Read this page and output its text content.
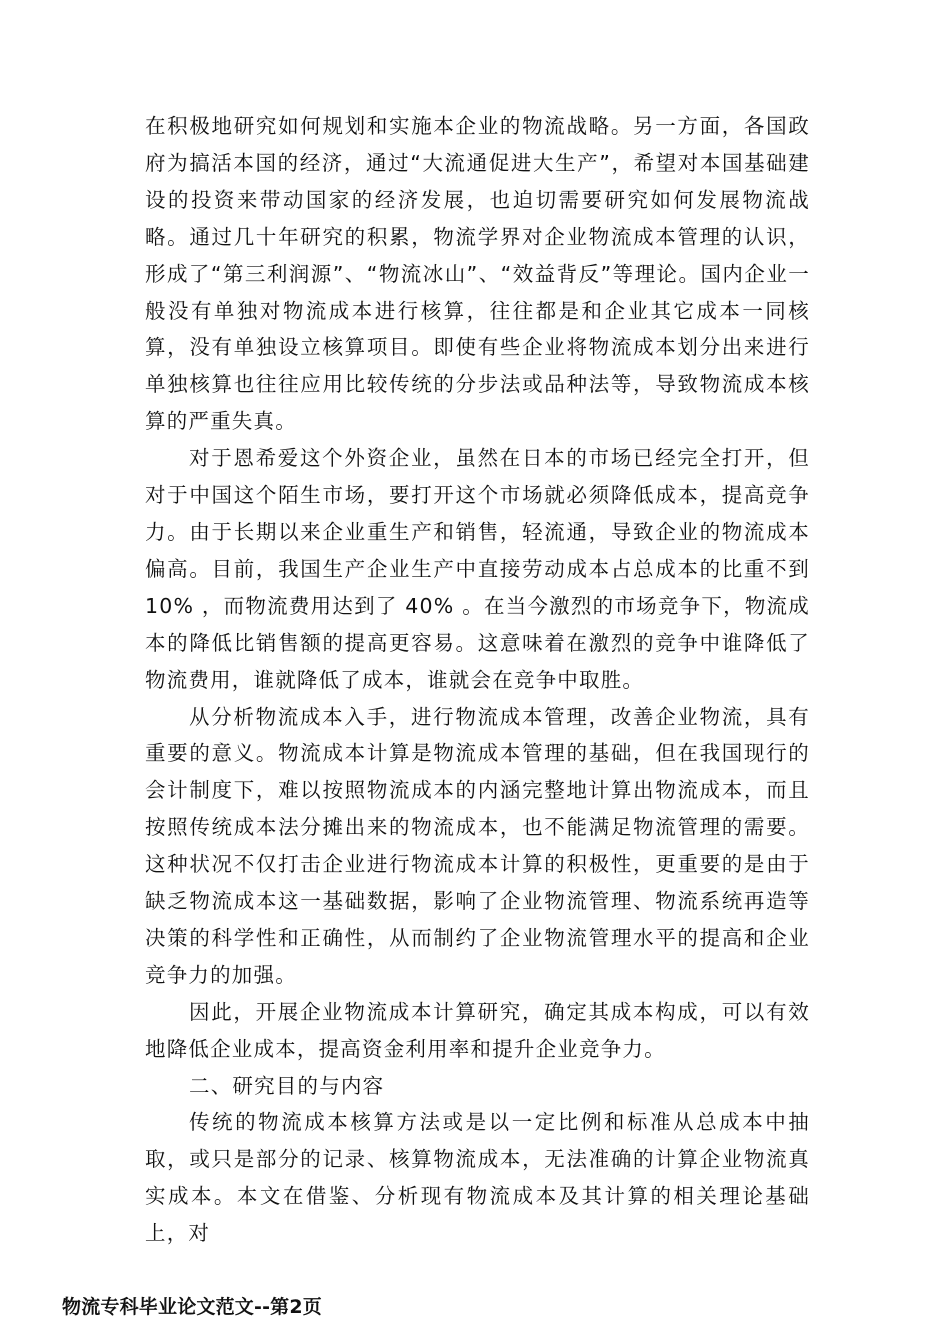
在积极地研究如何规划和实施本企业的物流战略。另一方面，各国政府为搞活本国的经济，通过“大流通促进大生产”，希望对本国基础建设的投资来带动国家的经济发展，也迫切需要研究如何发展物流战略。通过几十年研究的积累，物流学界对企业物流成本管理的认识，形成了“第三利润源”、“物流冰山”、“效益背反”等理论。国内企业一般没有单独对物流成本进行核算，往往都是和企业其它成本一同核算，没有单独设立核算项目。即使有些企业将物流成本划分出来进行单独核算也往往应用比较传统的分步法或品种法等，导致物流成本核算的严重失真。

对于恩希爱这个外资企业，虽然在日本的市场已经完全打开，但对于中国这个陌生市场，要打开这个市场就必须降低成本，提高竞争力。由于长期以来企业重生产和销售，轻流通，导致企业的物流成本偏高。目前，我国生产企业生产中直接劳动成本占总成本的比重不到10% ，而物流费用达到了 40% 。在当今激烈的市场竞争下，物流成本的降低比销售额的提高更容易。这意味着在激烈的竞争中谁降低了物流费用，谁就降低了成本，谁就会在竞争中取胜。

从分析物流成本入手，进行物流成本管理，改善企业物流，具有重要的意义。物流成本计算是物流成本管理的基础，但在我国现行的会计制度下，难以按照物流成本的内涵完整地计算出物流成本，而且按照传统成本法分摊出来的物流成本，也不能满足物流管理的需要。这种状况不仅打击企业进行物流成本计算的积极性，更重要的是由于缺乏物流成本这一基础数据，影响了企业物流管理、物流系统再造等决策的科学性和正确性，从而制约了企业物流管理水平的提高和企业竞争力的加强。

因此，开展企业物流成本计算研究，确定其成本构成，可以有效地降低企业成本，提高资金利用率和提升企业竞争力。

二、研究目的与内容

传统的物流成本核算方法或是以一定比例和标准从总成本中抽取，或只是部分的记录、核算物流成本，无法准确的计算企业物流真实成本。本文在借鉴、分析现有物流成本及其计算的相关理论基础上，对

物流专科毕业论文范文--第2页
